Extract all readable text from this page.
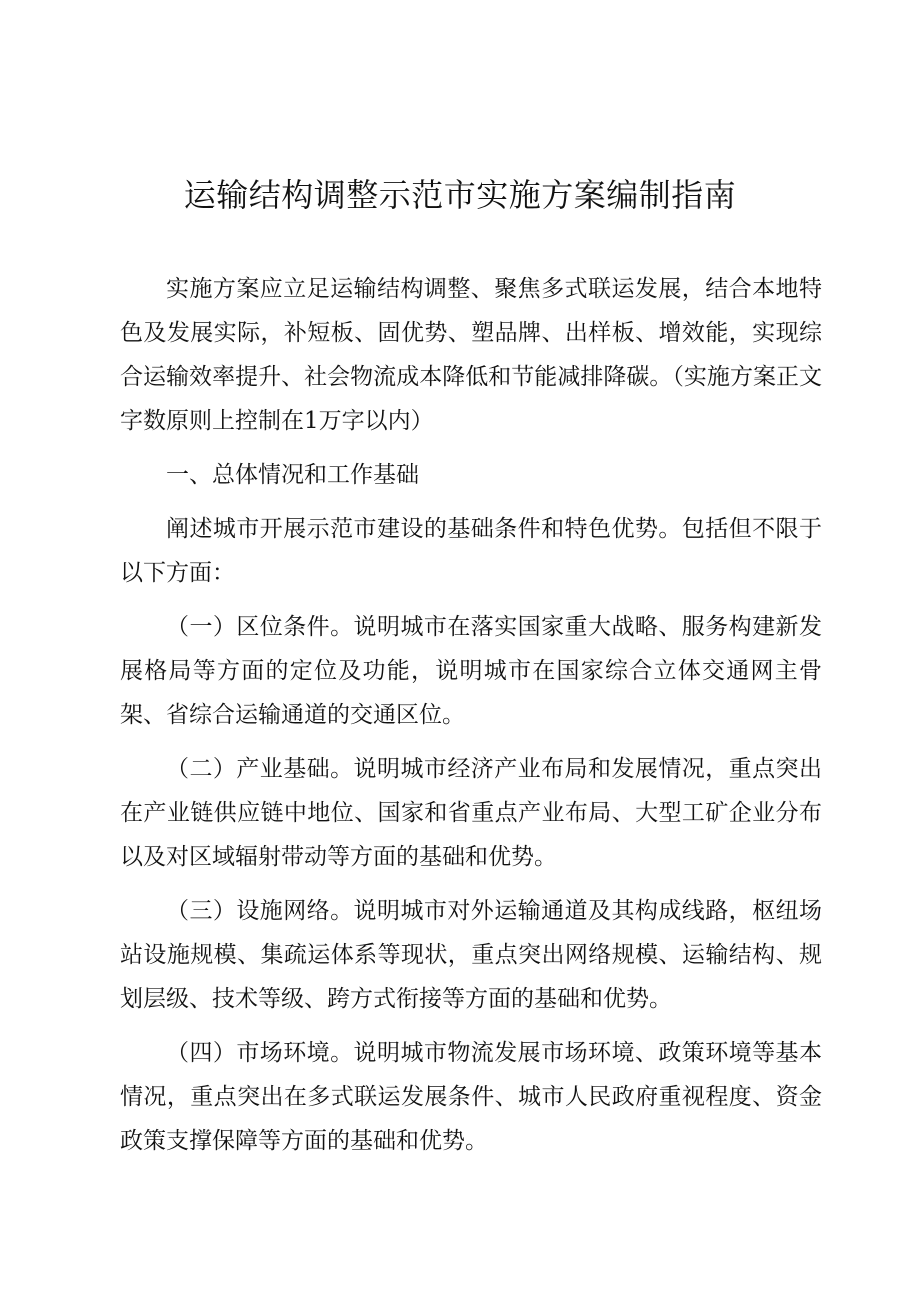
运输结构调整示范市实施方案编制指南

实施方案应立足运输结构调整、聚焦多式联运发展，结合本地特色及发展实际，补短板、固优势、塑品牌、出样板、增效能，实现综合运输效率提升、社会物流成本降低和节能减排降碳。（实施方案正文字数原则上控制在1万字以内）

一、总体情况和工作基础

阐述城市开展示范市建设的基础条件和特色优势。包括但不限于以下方面：

（一）区位条件。说明城市在落实国家重大战略、服务构建新发展格局等方面的定位及功能，说明城市在国家综合立体交通网主骨架、省综合运输通道的交通区位。

（二）产业基础。说明城市经济产业布局和发展情况，重点突出在产业链供应链中地位、国家和省重点产业布局、大型工矿企业分布以及对区域辐射带动等方面的基础和优势。

（三）设施网络。说明城市对外运输通道及其构成线路，枢纽场站设施规模、集疏运体系等现状，重点突出网络规模、运输结构、规划层级、技术等级、跨方式衔接等方面的基础和优势。

（四）市场环境。说明城市物流发展市场环境、政策环境等基本情况，重点突出在多式联运发展条件、城市人民政府重视程度、资金政策支撑保障等方面的基础和优势。
